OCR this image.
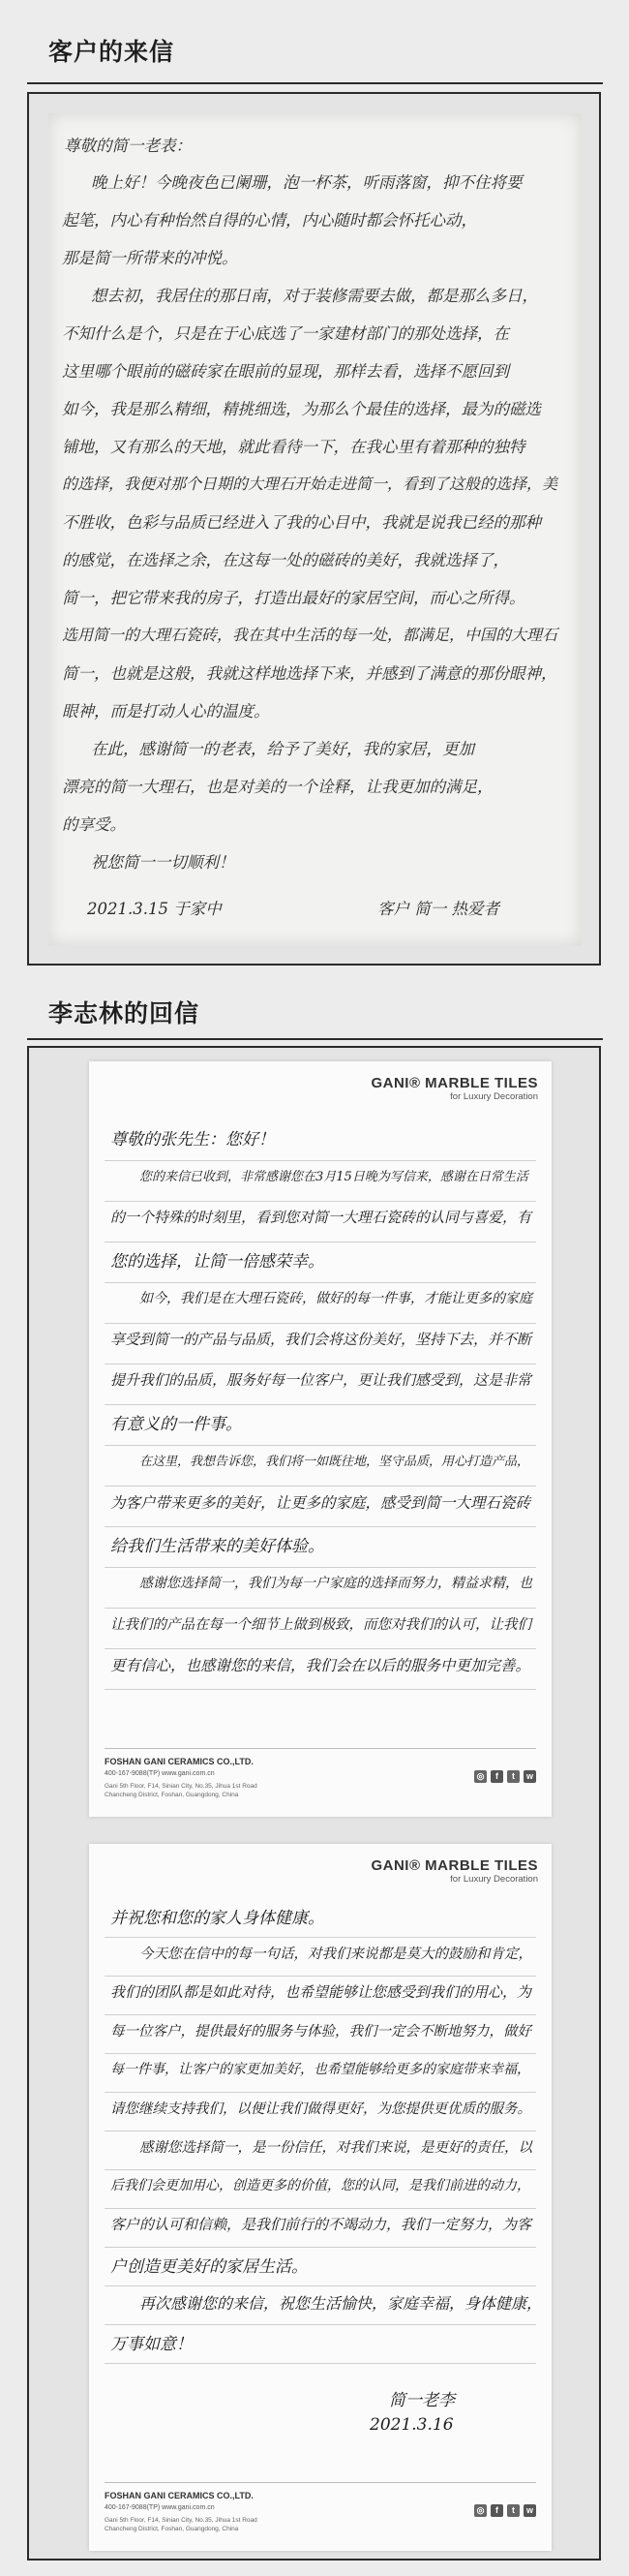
客户的来信
尊敬的简一老表：
晚上好！今晚夜色已阑珊，泡一杯茶，听雨落窗，抑不住将要
起笔，内心有种怡然自得的心情，内心随时都会怀托心动，
那是简一所带来的冲悦。
想去初，我居住的那日南，对于装修需要去做，都是那么多日，
不知什么是个，只是在于心底选了一家建材部门的那处选择，在
这里哪个眼前的磁砖家在眼前的显现，那样去看，选择不愿回到
如今，我是那么精细，精挑细选，为那么个最佳的选择，最为的磁选
铺地，又有那么的天地，就此看待一下，在我心里有着那种的独特
的选择，我便对那个日期的大理石开始走进简一，看到了这般的选择，美
不胜收，色彩与品质已经进入了我的心目中，我就是说我已经的那种
的感觉，在选择之余，在这每一处的磁砖的美好，我就选择了，
简一，把它带来我的房子，打造出最好的家居空间，而心之所得。
选用简一的大理石瓷砖，我在其中生活的每一处，都满足，中国的大理石
简一，也就是这般，我就这样地选择下来，并感到了满意的那份眼神，
眼神，而是打动人心的温度。
在此，感谢简一的老表，给予了美好，我的家居，更加
漂亮的简一大理石，也是对美的一个诠释，让我更加的满足，
的享受。
祝您简一一切顺利！
2021.3.15 于家中	客户 简一 热爱者
李志林的回信
GANI® MARBLE TILES
for Luxury Decoration
尊敬的张先生：您好！
您的来信已收到，非常感谢您在3月15日晚为写信来，感谢在日常生活
的一个特殊的时刻里，看到您对简一大理石瓷砖的认同与喜爱，有
您的选择，让简一倍感荣幸。
如今，我们是在大理石瓷砖，做好的每一件事，才能让更多的家庭
享受到简一的产品与品质，我们会将这份美好，坚持下去，并不断
提升我们的品质，服务好每一位客户，更让我们感受到，这是非常
有意义的一件事。
在这里，我想告诉您，我们将一如既往地，坚守品质，用心打造产品，
为客户带来更多的美好，让更多的家庭，感受到简一大理石瓷砖
给我们生活带来的美好体验。
感谢您选择简一，我们为每一户家庭的选择而努力，精益求精，也
让我们的产品在每一个细节上做到极致，而您对我们的认可，让我们
更有信心，也感谢您的来信，我们会在以后的服务中更加完善。
FOSHAN GANI CERAMICS CO.,LTD.
400-167-9088(TP) www.gani.com.cn
Gani 5th Floor, F14, Sinian City, No.35, Jihua 1st Road
Chancheng District, Foshan, Guangdong, China
◎	f	t	w
GANI® MARBLE TILES
for Luxury Decoration
并祝您和您的家人身体健康。
今天您在信中的每一句话，对我们来说都是莫大的鼓励和肯定，
我们的团队都是如此对待，也希望能够让您感受到我们的用心，为
每一位客户，提供最好的服务与体验，我们一定会不断地努力，做好
每一件事，让客户的家更加美好，也希望能够给更多的家庭带来幸福，
请您继续支持我们，以便让我们做得更好，为您提供更优质的服务。
感谢您选择简一，是一份信任，对我们来说，是更好的责任，以
后我们会更加用心，创造更多的价值，您的认同，是我们前进的动力，
客户的认可和信赖，是我们前行的不竭动力，我们一定努力，为客
户创造更美好的家居生活。
再次感谢您的来信，祝您生活愉快，家庭幸福，身体健康，
万事如意！
简一老李
2021.3.16
FOSHAN GANI CERAMICS CO.,LTD.
400-167-9088(TP) www.gani.com.cn
Gani 5th Floor, F14, Sinian City, No.35, Jihua 1st Road
Chancheng District, Foshan, Guangdong, China
◎	f	t	w
